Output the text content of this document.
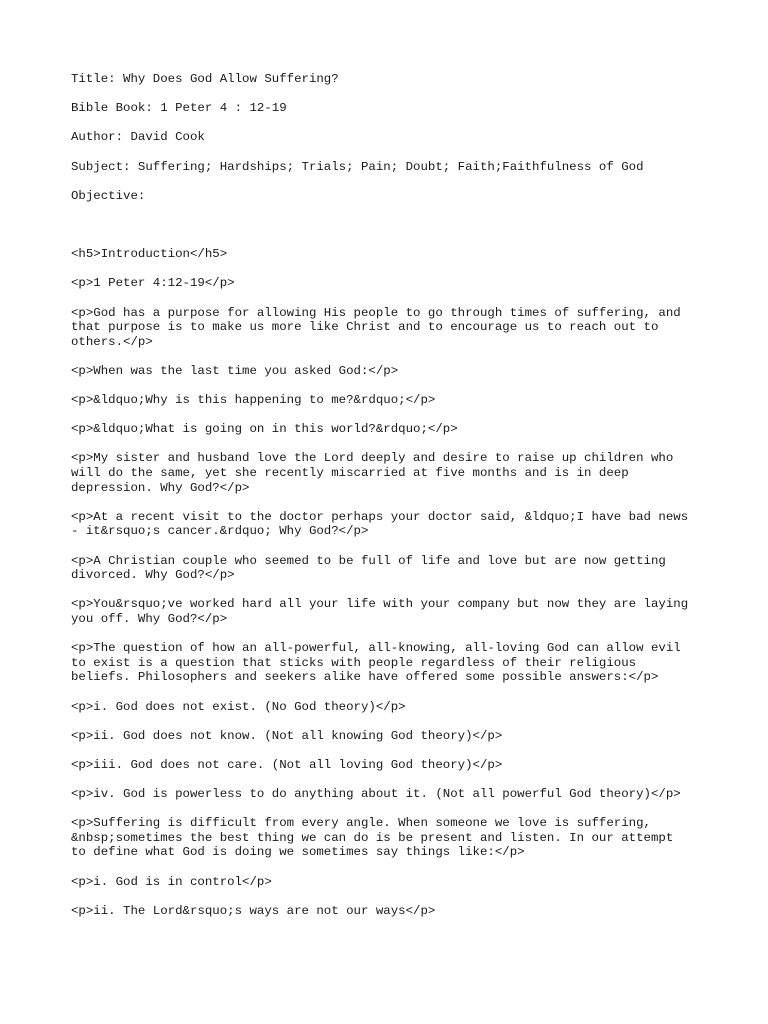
Title: Why Does God Allow Suffering?
Bible Book: 1 Peter 4 : 12-19
Author: David Cook
Subject: Suffering; Hardships; Trials; Pain; Doubt; Faith;Faithfulness of God
Objective:
<h5>Introduction</h5>
<p>1 Peter 4:12-19</p>
<p>God has a purpose for allowing His people to go through times of suffering, and
that purpose is to make us more like Christ and to encourage us to reach out to
others.</p>
<p>When was the last time you asked God:</p>
<p>&ldquo;Why is this happening to me?&rdquo;</p>
<p>&ldquo;What is going on in this world?&rdquo;</p>
<p>My sister and husband love the Lord deeply and desire to raise up children who
will do the same, yet she recently miscarried at five months and is in deep
depression. Why God?</p>
<p>At a recent visit to the doctor perhaps your doctor said, &ldquo;I have bad news
- it&rsquo;s cancer.&rdquo; Why God?</p>
<p>A Christian couple who seemed to be full of life and love but are now getting
divorced. Why God?</p>
<p>You&rsquo;ve worked hard all your life with your company but now they are laying
you off. Why God?</p>
<p>The question of how an all-powerful, all-knowing, all-loving God can allow evil
to exist is a question that sticks with people regardless of their religious
beliefs. Philosophers and seekers alike have offered some possible answers:</p>
<p>i. God does not exist. (No God theory)</p>
<p>ii. God does not know. (Not all knowing God theory)</p>
<p>iii. God does not care. (Not all loving God theory)</p>
<p>iv. God is powerless to do anything about it. (Not all powerful God theory)</p>
<p>Suffering is difficult from every angle. When someone we love is suffering,
&nbsp;sometimes the best thing we can do is be present and listen. In our attempt
to define what God is doing we sometimes say things like:</p>
<p>i. God is in control</p>
<p>ii. The Lord&rsquo;s ways are not our ways</p>
